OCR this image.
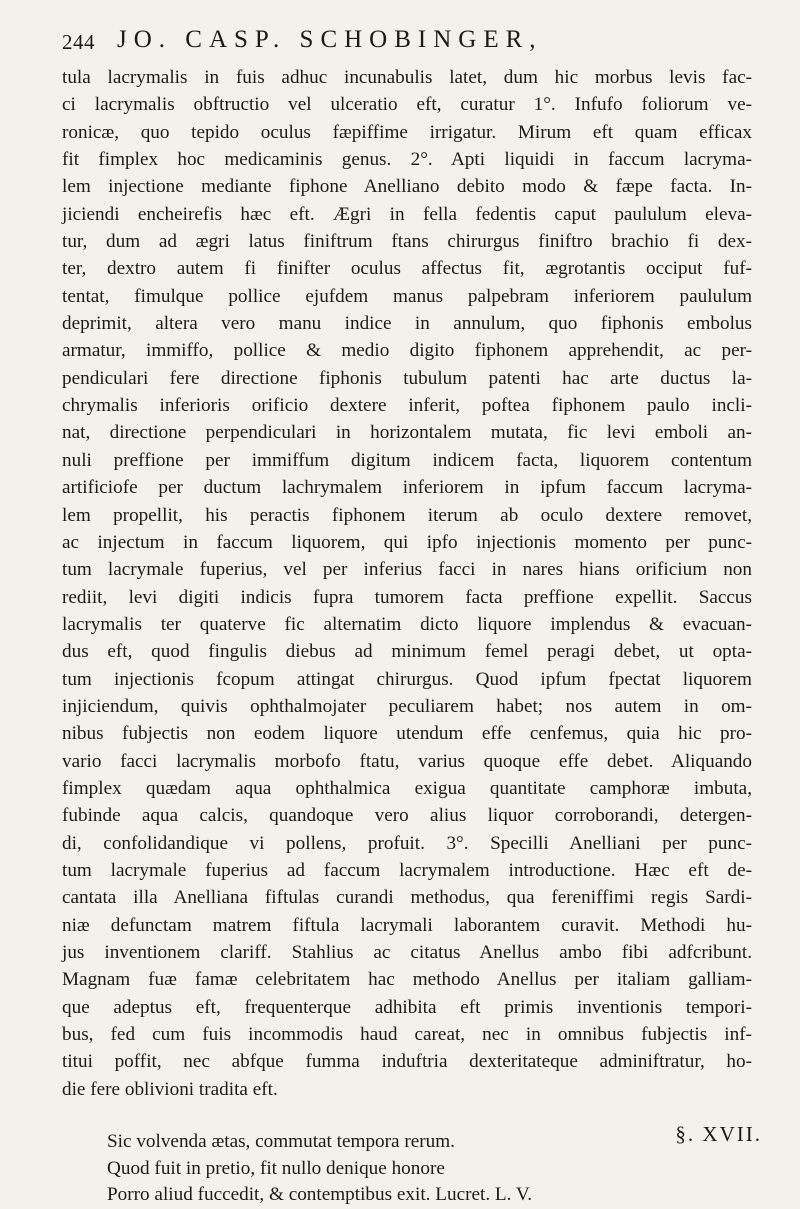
244 JO. CASP. SCHOBINGER,
tula lacrymalis in fuis adhuc incunabulis latet, dum hic morbus levis fac-
ci lacrymalis obftructio vel ulceratio eft, curatur 1°. Infufo foliorum ve-
ronicæ, quo tepido oculus fæpiffime irrigatur. Mirum eft quam efficax
fit fimplex hoc medicaminis genus. 2°. Apti liquidi in faccum lacryma-
lem injectione mediante fiphone Anelliano debito modo & fæpe facta. In-
jiciendi encheirefis hæc eft. Ægri in fella fedentis caput paululum eleva-
tur, dum ad ægri latus finiftrum ftans chirurgus finiftro brachio fi dex-
ter, dextro autem fi finifter oculus affectus fit, ægrotantis occiput fuf-
tentat, fimulque pollice ejufdem manus palpebram inferiorem paululum
deprimit, altera vero manu indice in annulum, quo fiphonis embolus
armatur, immiffo, pollice & medio digito fiphonem apprehendit, ac per-
pendiculari fere directione fiphonis tubulum patenti hac arte ductus la-
chrymalis inferioris orificio dextere inferit, poftea fiphonem paulo incli-
nat, directione perpendiculari in horizontalem mutata, fic levi emboli an-
nuli preffione per immiffum digitum indicem facta, liquorem contentum
artificiofe per ductum lachrymalem inferiorem in ipfum faccum lacryma-
lem propellit, his peractis fiphonem iterum ab oculo dextere removet,
ac injectum in faccum liquorem, qui ipfo injectionis momento per punc-
tum lacrymale fuperius, vel per inferius facci in nares hians orificium non
rediit, levi digiti indicis fupra tumorem facta preffione expellit. Saccus
lacrymalis ter quaterve fic alternatim dicto liquore implendus & evacuan-
dus eft, quod fingulis diebus ad minimum femel peragi debet, ut opta-
tum injectionis fcopum attingat chirurgus. Quod ipfum fpectat liquorem
injiciendum, quivis ophthalmojater peculiarem habet; nos autem in om-
nibus fubjectis non eodem liquore utendum effe cenfemus, quia hic pro-
vario facci lacrymalis morbofo ftatu, varius quoque effe debet. Aliquando
fimplex quædam aqua ophthalmica exigua quantitate camphoræ imbuta,
fubinde aqua calcis, quandoque vero alius liquor corroborandi, detergen-
di, confolidandique vi pollens, profuit. 3°. Specilli Anelliani per punc-
tum lacrymale fuperius ad faccum lacrymalem introductione. Hæc eft de-
cantata illa Anelliana fiftulas curandi methodus, qua fereniffimi regis Sardi-
niæ defunctam matrem fiftula lacrymali laborantem curavit. Methodi hu-
jus inventionem clariff. Stahlius ac citatus Anellus ambo fibi adfcribunt.
Magnam fuæ famæ celebritatem hac methodo Anellus per italiam galliam-
que adeptus eft, frequenterque adhibita eft primis inventionis tempori-
bus, fed cum fuis incommodis haud careat, nec in omnibus fubjectis inf-
titui poffit, nec abfque fumma induftria dexteritateque adminiftratur, ho-
die fere oblivioni tradita eft.
Sic volvenda ætas, commutat tempora rerum.
Quod fuit in pretio, fit nullo denique honore
Porro aliud fuccedit, & contemptibus exit. Lucret. L. V.
§. XVII.
